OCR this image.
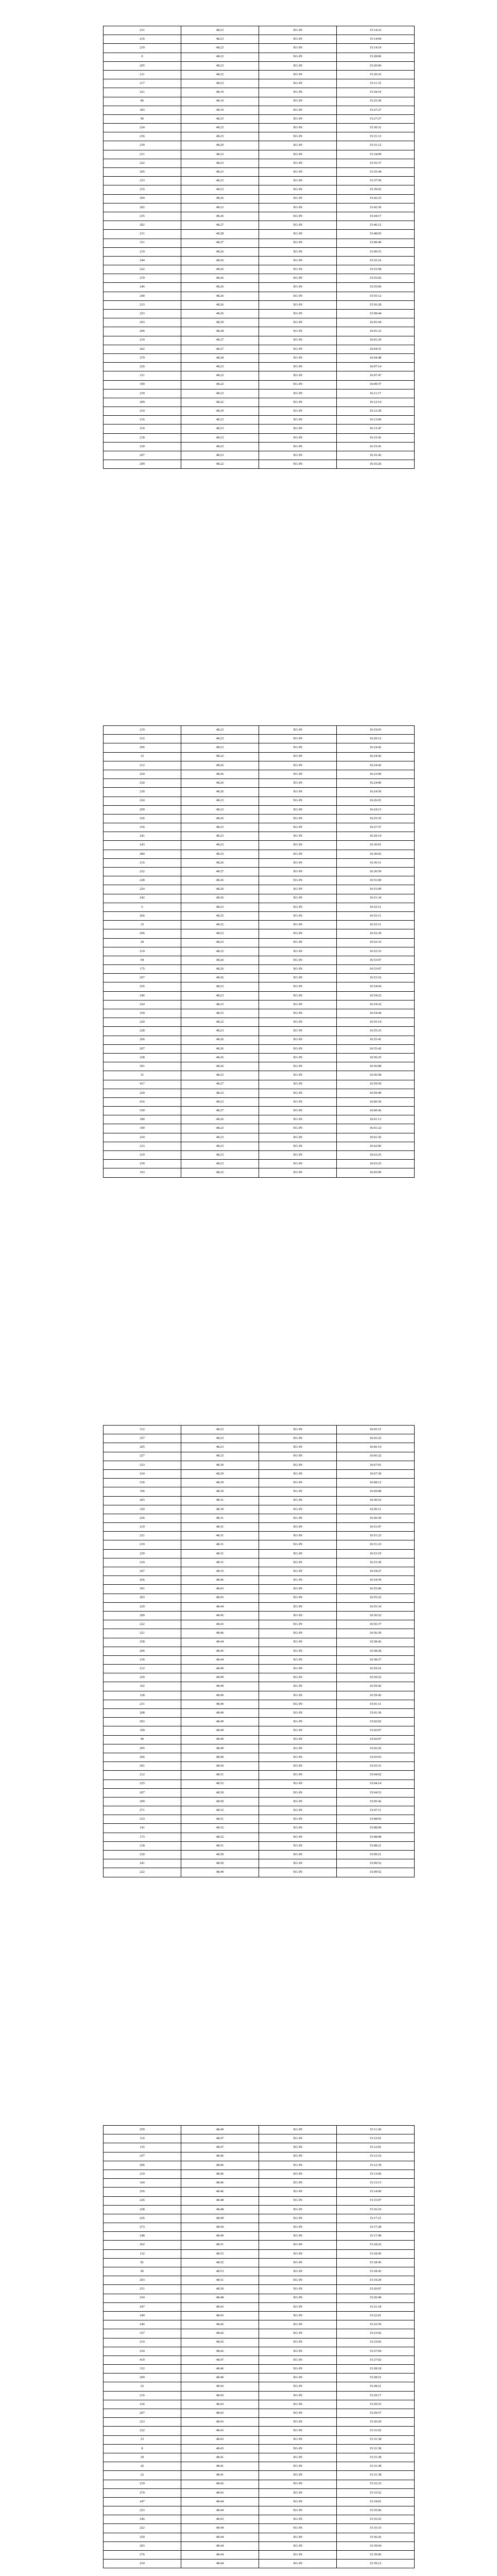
231	48.23	XG-IN	15:14:23
216	48.23	XG-IN	15:14:04
239	48.23	XG-IN	15:14:19
0	48.23	XG-IN	15:28:06
205	48.23	XG-IN	15:20:06
211	48.22	XG-IN	15:20:16
217	48.23	XG-IN	15:11:31
221	48.19	XG-IN	15:18:10
86	48.19	XG-IN	15:25:30
183	48.19	XG-IN	15:27:27
96	48.23	XG-IN	15:27:27
224	48.23	XG-IN	15:30:31
236	48.23	XG-IN	15:31:13
239	48.29	XG-IN	15:31:12
231	48.23	XG-IN	15:34:09
222	48.23	XG-IN	15:35:37
205	48.23	XG-IN	15:35:44
233	48.23	XG-IN	15:37:59
216	48.23	XG-IN	15:39:02
304	48.26	XG-IN	15:42:23
202	48.23	XG-IN	15:42:30
235	48.26	XG-IN	15:44:17
202	48.27	XG-IN	15:46:12
231	48.28	XG-IN	15:48:05
331	48.27	XG-IN	15:49:49
219	48.26	XG-IN	15:49:53
244	48.26	XG-IN	15:52:16
222	48.26	XG-IN	15:53:58
270	48.26	XG-IN	15:55:02
246	48.26	XG-IN	15:55:06
240	48.26	XG-IN	15:55:12
233	48.26	XG-IN	15:56:28
223	48.26	XG-IN	15:58:44
203	48.29	XG-IN	16:01:04
206	48.28	XG-IN	16:01:23
219	48.27	XG-IN	16:01:29
202	48.27	XG-IN	16:04:31
279	48.28	XG-IN	16:04:48
226	48.23	XG-IN	16:07:14
211	48.22	XG-IN	16:07:47
190	48.22	XG-IN	16:09:37
239	48.23	XG-IN	16:11:17
209	48.22	XG-IN	16:12:14
234	48.29	XG-IN	16:12:29
216	48.23	XG-IN	16:13:06
216	48.23	XG-IN	16:13:47
218	48.23	XG-IN	16:15:41
230	48.23	XG-IN	16:15:41
207	48.23	XG-IN	16:16:42
209	48.22	XG-IN	16:16:26
219	48.23	XG-IN	16:19:03
212	48.23	XG-IN	16:20:12
296	48.23	XG-IN	16:24:42
15	48.22	XG-IN	16:24:42
212	48.26	XG-IN	16:24:42
224	48.26	XG-IN	16:23:00
230	48.26	XG-IN	16:24:00
230	48.26	XG-IN	16:24:50
224	48.23	XG-IN	16:26:01
209	48.23	XG-IN	16:24:13
226	48.26	XG-IN	16:25:35
236	48.23	XG-IN	16:27:57
241	48.23	XG-IN	16:29:14
243	48.23	XG-IN	16:30:01
284	48.23	XG-IN	16:30:02
216	48.26	XG-IN	16:36:11
222	48.27	XG-IN	16:36:59
228	48.26	XG-IN	16:51:00
224	48.26	XG-IN	16:51:09
242	48.26	XG-IN	16:51:34
5	48.23	XG-IN	16:52:11
266	48.25	XG-IN	16:52:11
33	48.22	XG-IN	16:52:11
296	48.23	XG-IN	16:52:30
20	48.23	XG-IN	16:52:33
219	48.22	XG-IN	16:52:33
94	48.26	XG-IN	16:53:07
175	48.26	XG-IN	16:53:07
267	48.26	XG-IN	16:53:16
256	48.23	XG-IN	16:54:04
246	48.23	XG-IN	16:54:22
224	48.23	XG-IN	16:54:32
230	48.23	XG-IN	16:54:44
229	48.22	XG-IN	16:55:14
228	48.23	XG-IN	16:55:23
266	48.26	XG-IN	16:55:41
207	48.26	XG-IN	16:55:42
228	48.26	XG-IN	16:56:25
301	48.26	XG-IN	16:56:08
31	48.23	XG-IN	16:56:58
417	48.27	XG-IN	16:59:59
229	48.23	XG-IN	16:59:49
416	48.23	XG-IN	16:60:30
330	48.27	XG-IN	16:60:42
180	48.26	XG-IN	16:61:13
190	48.23	XG-IN	16:61:22
234	48.23	XG-IN	16:61:36
233	48.23	XG-IN	16:62:06
219	48.23	XG-IN	16:63:25
239	48.23	XG-IN	16:63:25
193	48.22	XG-IN	16:65:09
312	48.23	XG-IN	16:65:15
327	48.23	XG-IN	16:65:22
205	48.23	XG-IN	16:66:14
227	48.23	XG-IN	16:66:22
233	48.30	XG-IN	16:67:01
234	48.29	XG-IN	16:67:30
236	48.29	XG-IN	16:68:12
196	48.30	XG-IN	16:69:08
203	48.31	XG-IN	16:50:16
320	48.30	XG-IN	16:50:11
226	48.31	XG-IN	16:50:30
219	48.31	XG-IN	16:51:07
221	48.31	XG-IN	16:51:23
219	48.31	XG-IN	16:51:23
229	48.31	XG-IN	16:53:19
234	48.31	XG-IN	16:53:30
267	48.35	XG-IN	16:54:27
266	48.46	XG-IN	16:54:39
301	48.43	XG-IN	16:55:00
203	48.43	XG-IN	16:55:22
229	48.44	XG-IN	16:55:34
209	48.45	XG-IN	16:56:52
222	48.43	XG-IN	16:56:37
221	48.46	XG-IN	16:56:39
258	48.44	XG-IN	16:58:42
206	48.45	XG-IN	16:58:28
236	48.44	XG-IN	16:58:27
212	48.49	XG-IN	16:59:16
229	48.49	XG-IN	16:59:22
162	48.49	XG-IN	16:59:42
128	48.49	XG-IN	16:59:42
231	48.49	XG-IN	15:01:11
208	48.49	XG-IN	15:01:30
203	48.49	XG-IN	15:02:02
109	48.49	XG-IN	15:02:07
96	48.49	XG-IN	15:02:07
205	48.49	XG-IN	15:02:26
206	48.49	XG-IN	15:03:03
201	48.50	XG-IN	15:03:31
212	48.51	XG-IN	15:04:02
225	48.52	XG-IN	15:04:14
207	48.50	XG-IN	15:04:53
209	48.50	XG-IN	15:05:42
271	48.52	XG-IN	15:07:11
233	48.51	XG-IN	15:08:03
141	48.52	XG-IN	15:08:09
173	48.52	XG-IN	15:08:08
218	48.51	XG-IN	15:08:21
230	48.50	XG-IN	15:09:21
241	48.50	XG-IN	15:09:52
222	48.49	XG-IN	15:09:52
259	48.49	XG-IN	15:11:20
114	48.47	XG-IN	15:12:01
135	48.47	XG-IN	15:12:01
257	48.46	XG-IN	15:12:16
206	48.46	XG-IN	15:12:39
219	48.46	XG-IN	15:13:06
164	48.46	XG-IN	15:13:13
256	48.46	XG-IN	15:14:00
226	48.48	XG-IN	15:15:07
228	48.48	XG-IN	15:16:10
226	48.49	XG-IN	15:17:21
273	48.50	XG-IN	15:17:28
248	48.49	XG-IN	15:17:49
262	48.51	XG-IN	15:18:22
132	48.53	XG-IN	15:18:45
81	48.52	XG-IN	15:18:45
96	48.53	XG-IN	15:18:43
203	48.51	XG-IN	15:19:29
231	48.50	XG-IN	15:20:07
234	48.48	XG-IN	15:20:49
247	48.43	XG-IN	15:21:18
249	48.43	XG-IN	15:22:01
246	48.42	XG-IN	15:22:59
337	48.42	XG-IN	15:23:02
214	48.42	XG-IN	15:23:02
234	48.42	XG-IN	15:27:04
419	48.47	XG-IN	15:27:02
312	48.46	XG-IN	15:28:18
209	48.40	XG-IN	15:28:21
22	48.43	XG-IN	15:28:21
216	48.43	XG-IN	15:29:17
236	48.43	XG-IN	15:29:53
207	48.43	XG-IN	15:29:57
223	48.43	XG-IN	15:30:20
222	48.43	XG-IN	15:31:02
23	48.43	XG-IN	15:31:38
8	48.43	XG-IN	15:31:38
29	48.41	XG-IN	15:31:38
26	48.41	XG-IN	15:31:38
22	48.41	XG-IN	15:31:38
219	48.42	XG-IN	15:32:33
270	48.43	XG-IN	15:33:52
247	48.44	XG-IN	15:34:01
223	48.44	XG-IN	15:35:06
246	48.43	XG-IN	15:35:25
222	48.44	XG-IN	15:35:33
259	48.44	XG-IN	15:36:26
203	48.44	XG-IN	15:39:04
276	48.44	XG-IN	15:39:06
234	48.44	XG-IN	15:39:12
